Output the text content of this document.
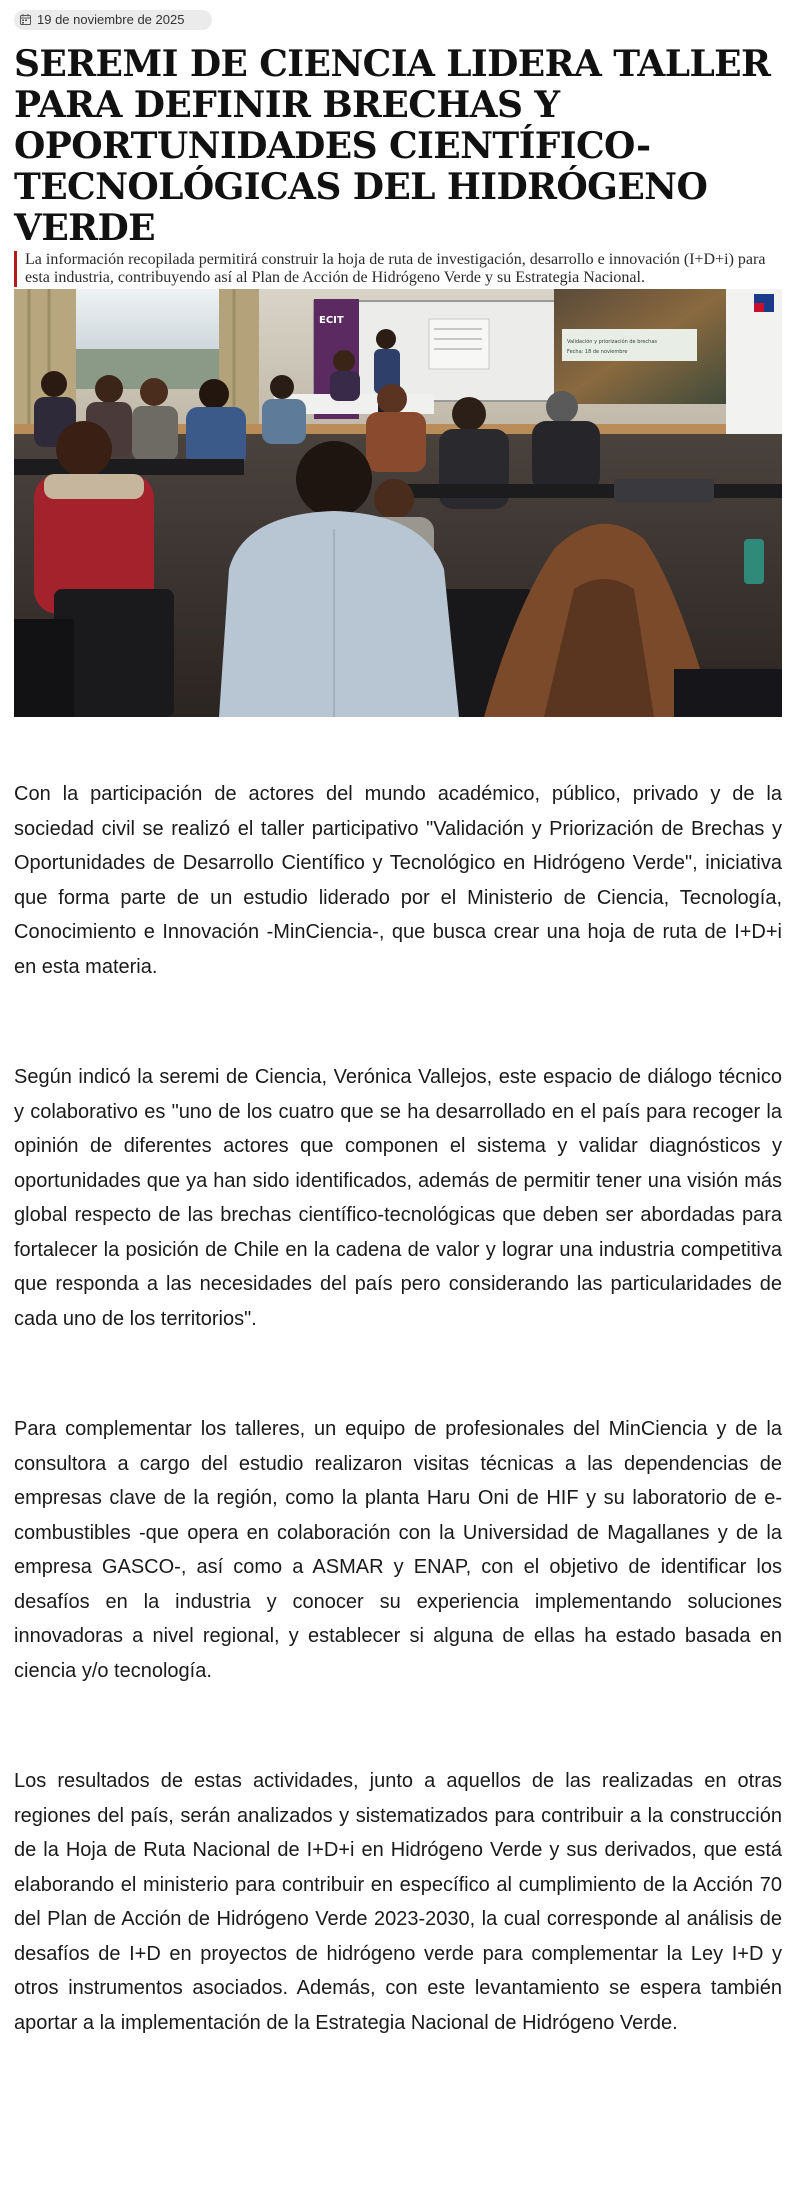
19 de noviembre de 2025
SEREMI DE CIENCIA LIDERA TALLER PARA DEFINIR BRECHAS Y OPORTUNIDADES CIENTÍFICO-TECNOLÓGICAS DEL HIDRÓGENO VERDE

La información recopilada permitirá construir la hoja de ruta de investigación, desarrollo e innovación (I+D+i) para esta industria, contribuyendo así al Plan de Acción de Hidrógeno Verde y su Estrategia Nacional.

Validación y priorización de brechas
Fecha: 18 de noviembre
ECIT

Con la participación de actores del mundo académico, público, privado y de la sociedad civil se realizó el taller participativo "Validación y Priorización de Brechas y Oportunidades de Desarrollo Científico y Tecnológico en Hidrógeno Verde", iniciativa que forma parte de un estudio liderado por el Ministerio de Ciencia, Tecnología, Conocimiento e Innovación -MinCiencia-, que busca crear una hoja de ruta de I+D+i en esta materia.

Según indicó la seremi de Ciencia, Verónica Vallejos, este espacio de diálogo técnico y colaborativo es "uno de los cuatro que se ha desarrollado en el país para recoger la opinión de diferentes actores que componen el sistema y validar diagnósticos y oportunidades que ya han sido identificados, además de permitir tener una visión más global respecto de las brechas científico-tecnológicas que deben ser abordadas para fortalecer la posición de Chile en la cadena de valor y lograr una industria competitiva que responda a las necesidades del país pero considerando las particularidades de cada uno de los territorios".

Para complementar los talleres, un equipo de profesionales del MinCiencia y de la consultora a cargo del estudio realizaron visitas técnicas a las dependencias de empresas clave de la región, como la planta Haru Oni de HIF y su laboratorio de e-combustibles -que opera en colaboración con la Universidad de Magallanes y de la empresa GASCO-, así como a ASMAR y ENAP, con el objetivo de identificar los desafíos en la industria y conocer su experiencia implementando soluciones innovadoras a nivel regional, y establecer si alguna de ellas ha estado basada en ciencia y/o tecnología.

Los resultados de estas actividades, junto a aquellos de las realizadas en otras regiones del país, serán analizados y sistematizados para contribuir a la construcción de la Hoja de Ruta Nacional de I+D+i en Hidrógeno Verde y sus derivados, que está elaborando el ministerio para contribuir en específico al cumplimiento de la Acción 70 del Plan de Acción de Hidrógeno Verde 2023-2030, la cual corresponde al análisis de desafíos de I+D en proyectos de hidrógeno verde para complementar la Ley I+D y otros instrumentos asociados. Además, con este levantamiento se espera también aportar a la implementación de la Estrategia Nacional de Hidrógeno Verde.
